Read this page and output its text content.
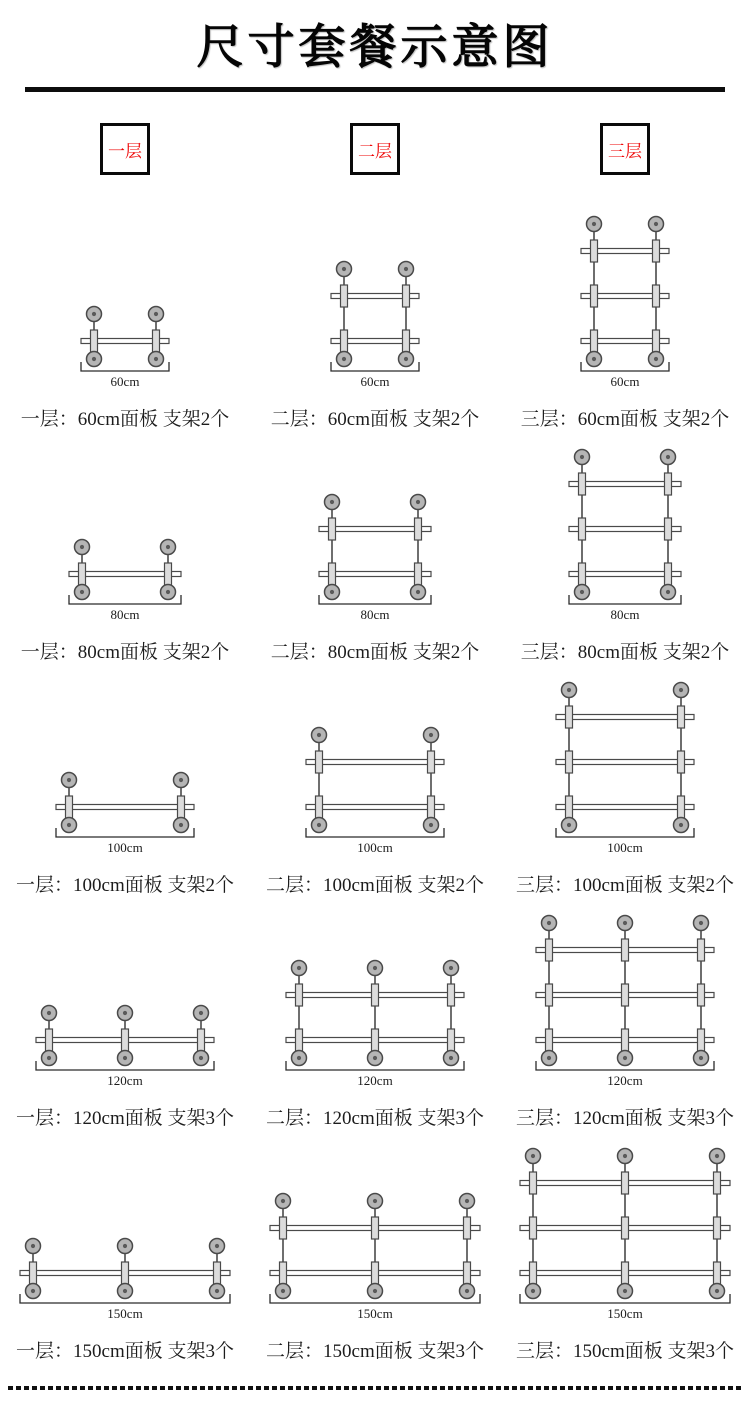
尺寸套餐示意图
一层	二层	三层
60cm
一层：60cm面板 支架2个
60cm
二层：60cm面板 支架2个
60cm
三层：60cm面板 支架2个
80cm
一层：80cm面板 支架2个
80cm
二层：80cm面板 支架2个
80cm
三层：80cm面板 支架2个
100cm
一层：100cm面板 支架2个
100cm
二层：100cm面板 支架2个
100cm
三层：100cm面板 支架2个
120cm
一层：120cm面板 支架3个
120cm
二层：120cm面板 支架3个
120cm
三层：120cm面板 支架3个
150cm
一层：150cm面板 支架3个
150cm
二层：150cm面板 支架3个
150cm
三层：150cm面板 支架3个
